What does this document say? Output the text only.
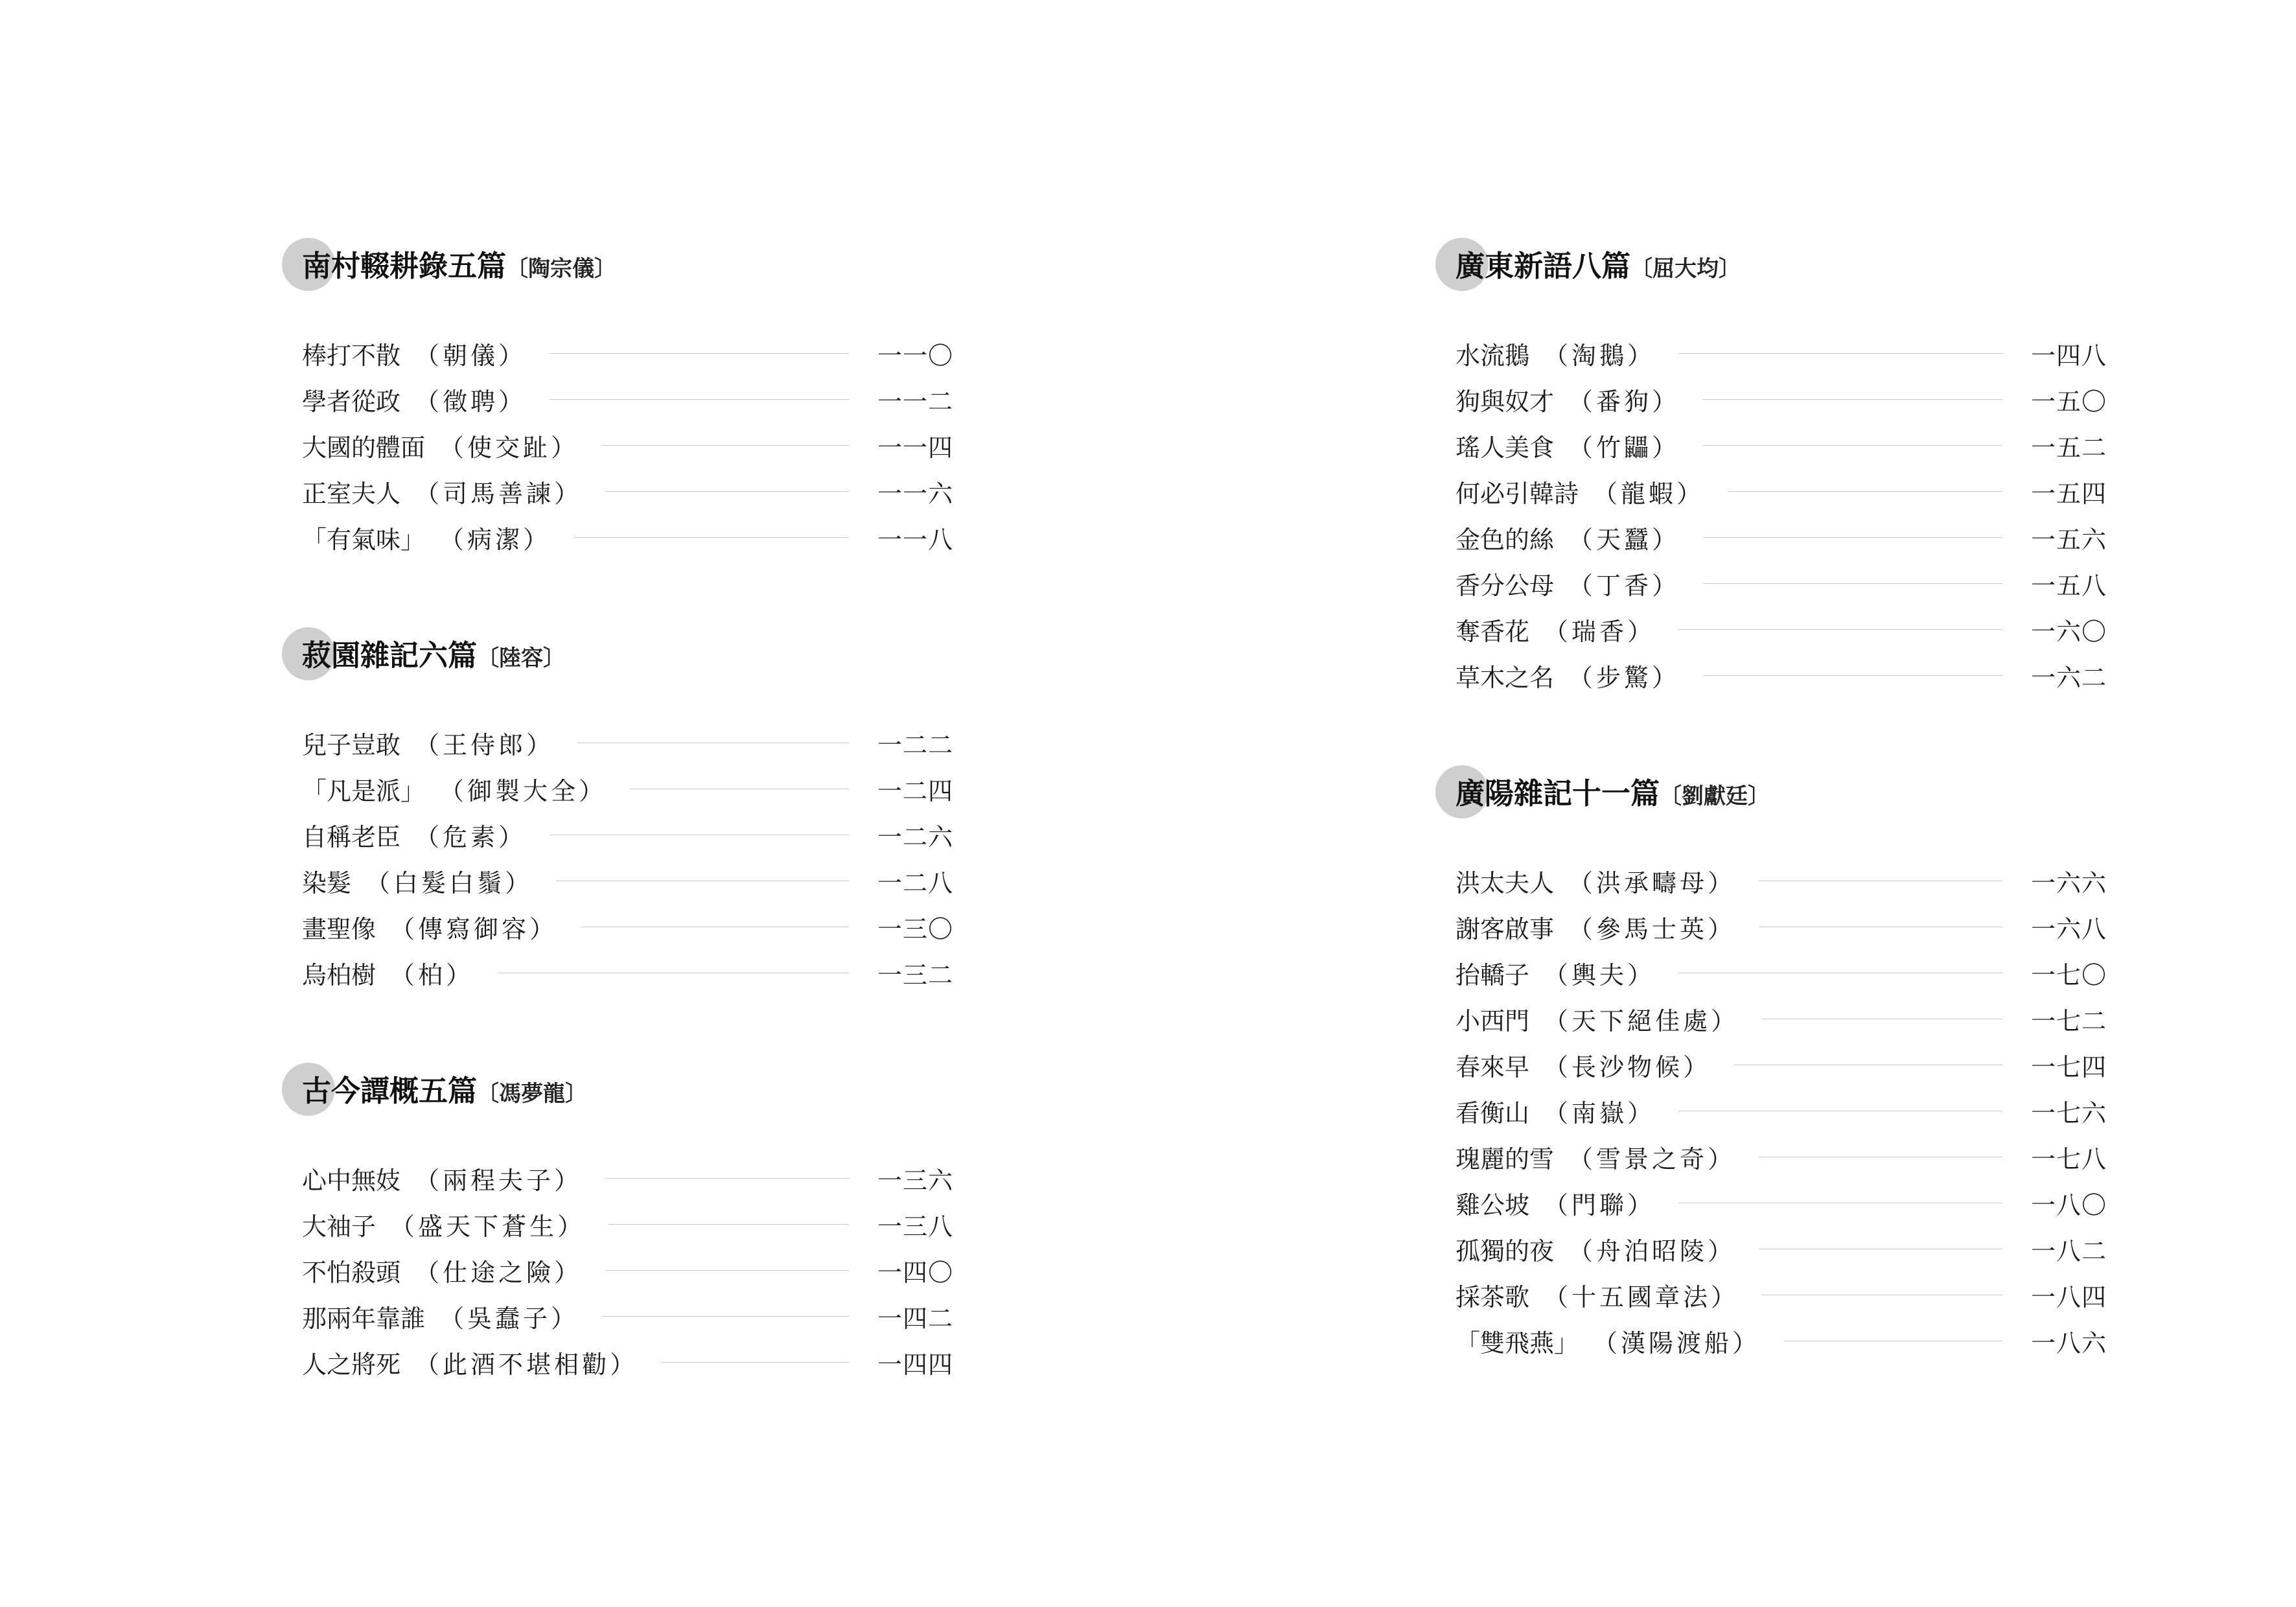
南村輟耕錄五篇〔陶宗儀〕
棒打不散 （朝儀）	一一〇
學者從政 （徵聘）	一一二
大國的體面 （使交趾）	一一四
正室夫人 （司馬善諫）	一一六
「有氣味」 （病潔）	一一八
菽園雜記六篇〔陸容〕
兒子豈敢 （王侍郎）	一二二
「凡是派」 （御製大全）	一二四
自稱老臣 （危素）	一二六
染髮 （白髮白鬚）	一二八
畫聖像 （傳寫御容）	一三〇
烏柏樹 （柏）	一三二
古今譚概五篇〔馮夢龍〕
心中無妓 （兩程夫子）	一三六
大袖子 （盛天下蒼生）	一三八
不怕殺頭 （仕途之險）	一四〇
那兩年靠誰 （吳蠢子）	一四二
人之將死 （此酒不堪相勸）	一四四
廣東新語八篇〔屈大均〕
水流鵝 （淘鵝）	一四八
狗與奴才 （番狗）	一五〇
瑤人美食 （竹鼺）	一五二
何必引韓詩 （龍蝦）	一五四
金色的絲 （天蠶）	一五六
香分公母 （丁香）	一五八
奪香花 （瑞香）	一六〇
草木之名 （步驚）	一六二
廣陽雜記十一篇〔劉獻廷〕
洪太夫人 （洪承疇母）	一六六
謝客啟事 （參馬士英）	一六八
抬轎子 （輿夫）	一七〇
小西門 （天下絕佳處）	一七二
春來早 （長沙物候）	一七四
看衡山 （南嶽）	一七六
瑰麗的雪 （雪景之奇）	一七八
雞公坡 （門聯）	一八〇
孤獨的夜 （舟泊昭陵）	一八二
採茶歌 （十五國章法）	一八四
「雙飛燕」 （漢陽渡船）	一八六
